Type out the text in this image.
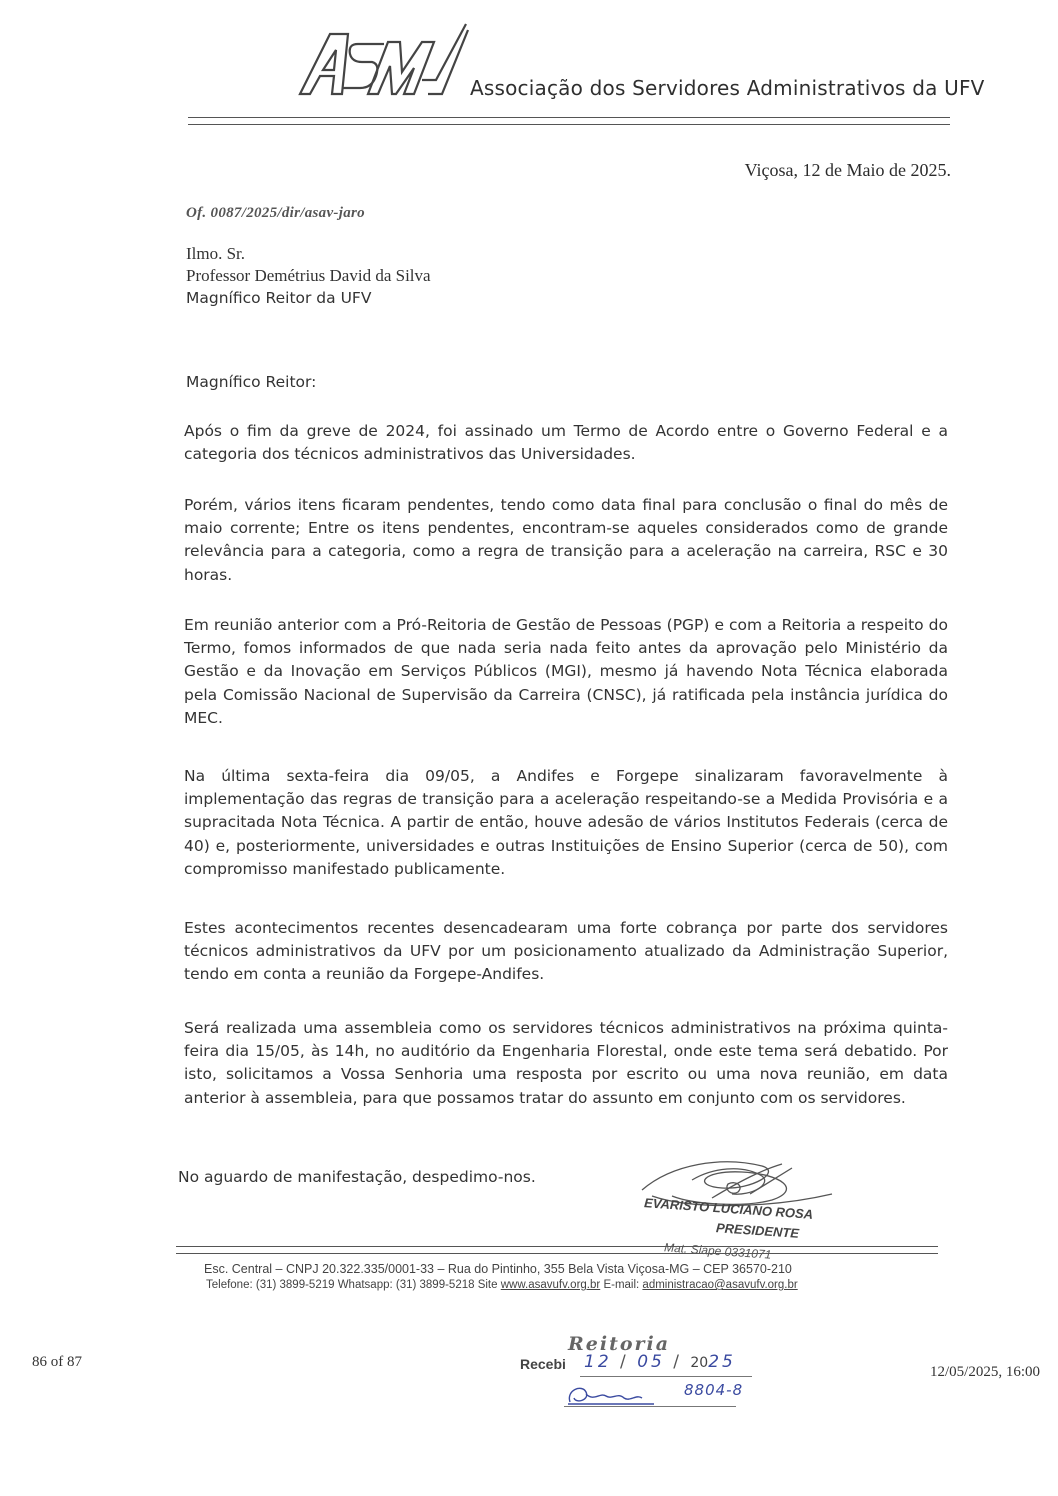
ASAV
Associação dos Servidores Administrativos da UFV
Viçosa, 12 de Maio de 2025.
Of. 0087/2025/dir/asav-jaro
Ilmo. Sr.
Professor Demétrius David da Silva
Magnífico Reitor da UFV
Magnífico Reitor:
Após o fim da greve de 2024, foi assinado um Termo de Acordo entre o Governo Federal e a categoria dos técnicos administrativos das Universidades.
Porém, vários itens ficaram pendentes, tendo como data final para conclusão o final do mês de maio corrente; Entre os itens pendentes, encontram-se aqueles considerados como de grande relevância para a categoria, como a regra de transição para a aceleração na carreira, RSC e 30 horas.
Em reunião anterior com a Pró-Reitoria de Gestão de Pessoas (PGP) e com a Reitoria a respeito do Termo, fomos informados de que nada seria nada feito antes da aprovação pelo Ministério da Gestão e da Inovação em Serviços Públicos (MGI), mesmo já havendo Nota Técnica elaborada pela Comissão Nacional de Supervisão da Carreira (CNSC), já ratificada pela instância jurídica do MEC.
Na última sexta-feira dia 09/05, a Andifes e Forgepe sinalizaram favoravelmente à implementação das regras de transição para a aceleração respeitando-se a Medida Provisória e a supracitada Nota Técnica. A partir de então, houve adesão de vários Institutos Federais (cerca de 40) e, posteriormente, universidades e outras Instituições de Ensino Superior (cerca de 50), com compromisso manifestado publicamente.
Estes acontecimentos recentes desencadearam uma forte cobrança por parte dos servidores técnicos administrativos da UFV por um posicionamento atualizado da Administração Superior, tendo em conta a reunião da Forgepe-Andifes.
Será realizada uma assembleia como os servidores técnicos administrativos na próxima quinta-feira dia 15/05, às 14h, no auditório da Engenharia Florestal, onde este tema será debatido. Por isto, solicitamos a Vossa Senhoria uma resposta por escrito ou uma nova reunião, em data anterior à assembleia, para que possamos tratar do assunto em conjunto com os servidores.
No aguardo de manifestação, despedimo-nos.
EVARISTO LUCIANO ROSA
PRESIDENTE
Mat. Siape 0331071
Esc. Central – CNPJ 20.322.335/0001-33 – Rua do Pintinho, 355 Bela Vista Viçosa-MG – CEP 36570-210
Telefone: (31) 3899-5219 Whatsapp: (31) 3899-5218 Site www.asavufv.org.br E-mail: administracao@asavufv.org.br
Reitoria
Recebi 12 / 05 / 2025
8804-8
86 of 87
12/05/2025, 16:00
